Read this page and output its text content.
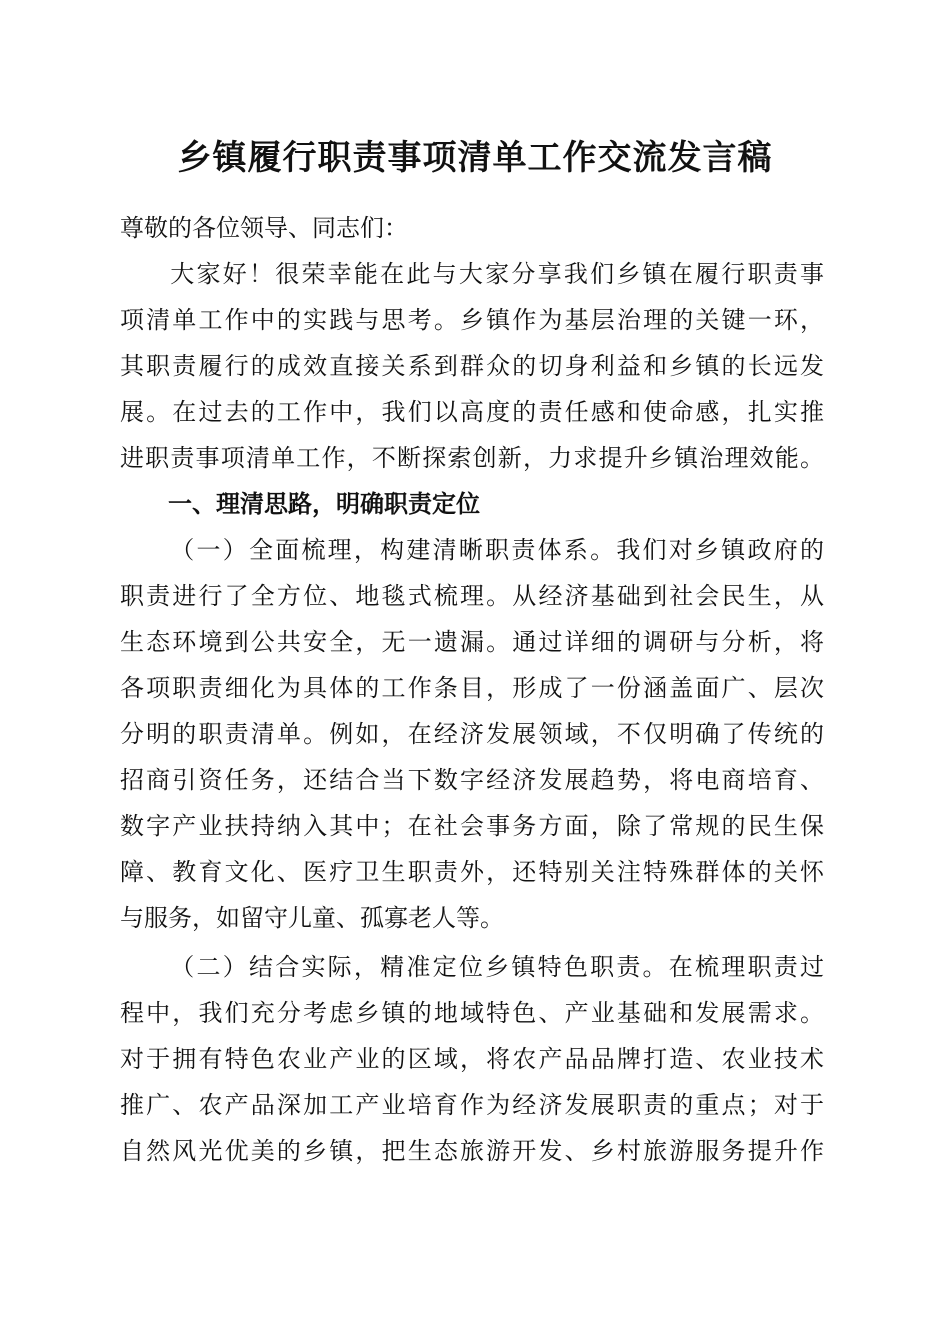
乡镇履行职责事项清单工作交流发言稿
尊敬的各位领导、同志们：
大家好！很荣幸能在此与大家分享我们乡镇在履行职责事
项清单工作中的实践与思考。乡镇作为基层治理的关键一环，
其职责履行的成效直接关系到群众的切身利益和乡镇的长远发
展。在过去的工作中，我们以高度的责任感和使命感，扎实推
进职责事项清单工作，不断探索创新，力求提升乡镇治理效能。
一、理清思路，明确职责定位
（一）全面梳理，构建清晰职责体系。我们对乡镇政府的
职责进行了全方位、地毯式梳理。从经济基础到社会民生，从
生态环境到公共安全，无一遗漏。通过详细的调研与分析，将
各项职责细化为具体的工作条目，形成了一份涵盖面广、层次
分明的职责清单。例如，在经济发展领域，不仅明确了传统的
招商引资任务，还结合当下数字经济发展趋势，将电商培育、
数字产业扶持纳入其中；在社会事务方面，除了常规的民生保
障、教育文化、医疗卫生职责外，还特别关注特殊群体的关怀
与服务，如留守儿童、孤寡老人等。
（二）结合实际，精准定位乡镇特色职责。在梳理职责过
程中，我们充分考虑乡镇的地域特色、产业基础和发展需求。
对于拥有特色农业产业的区域，将农产品品牌打造、农业技术
推广、农产品深加工产业培育作为经济发展职责的重点；对于
自然风光优美的乡镇，把生态旅游开发、乡村旅游服务提升作
